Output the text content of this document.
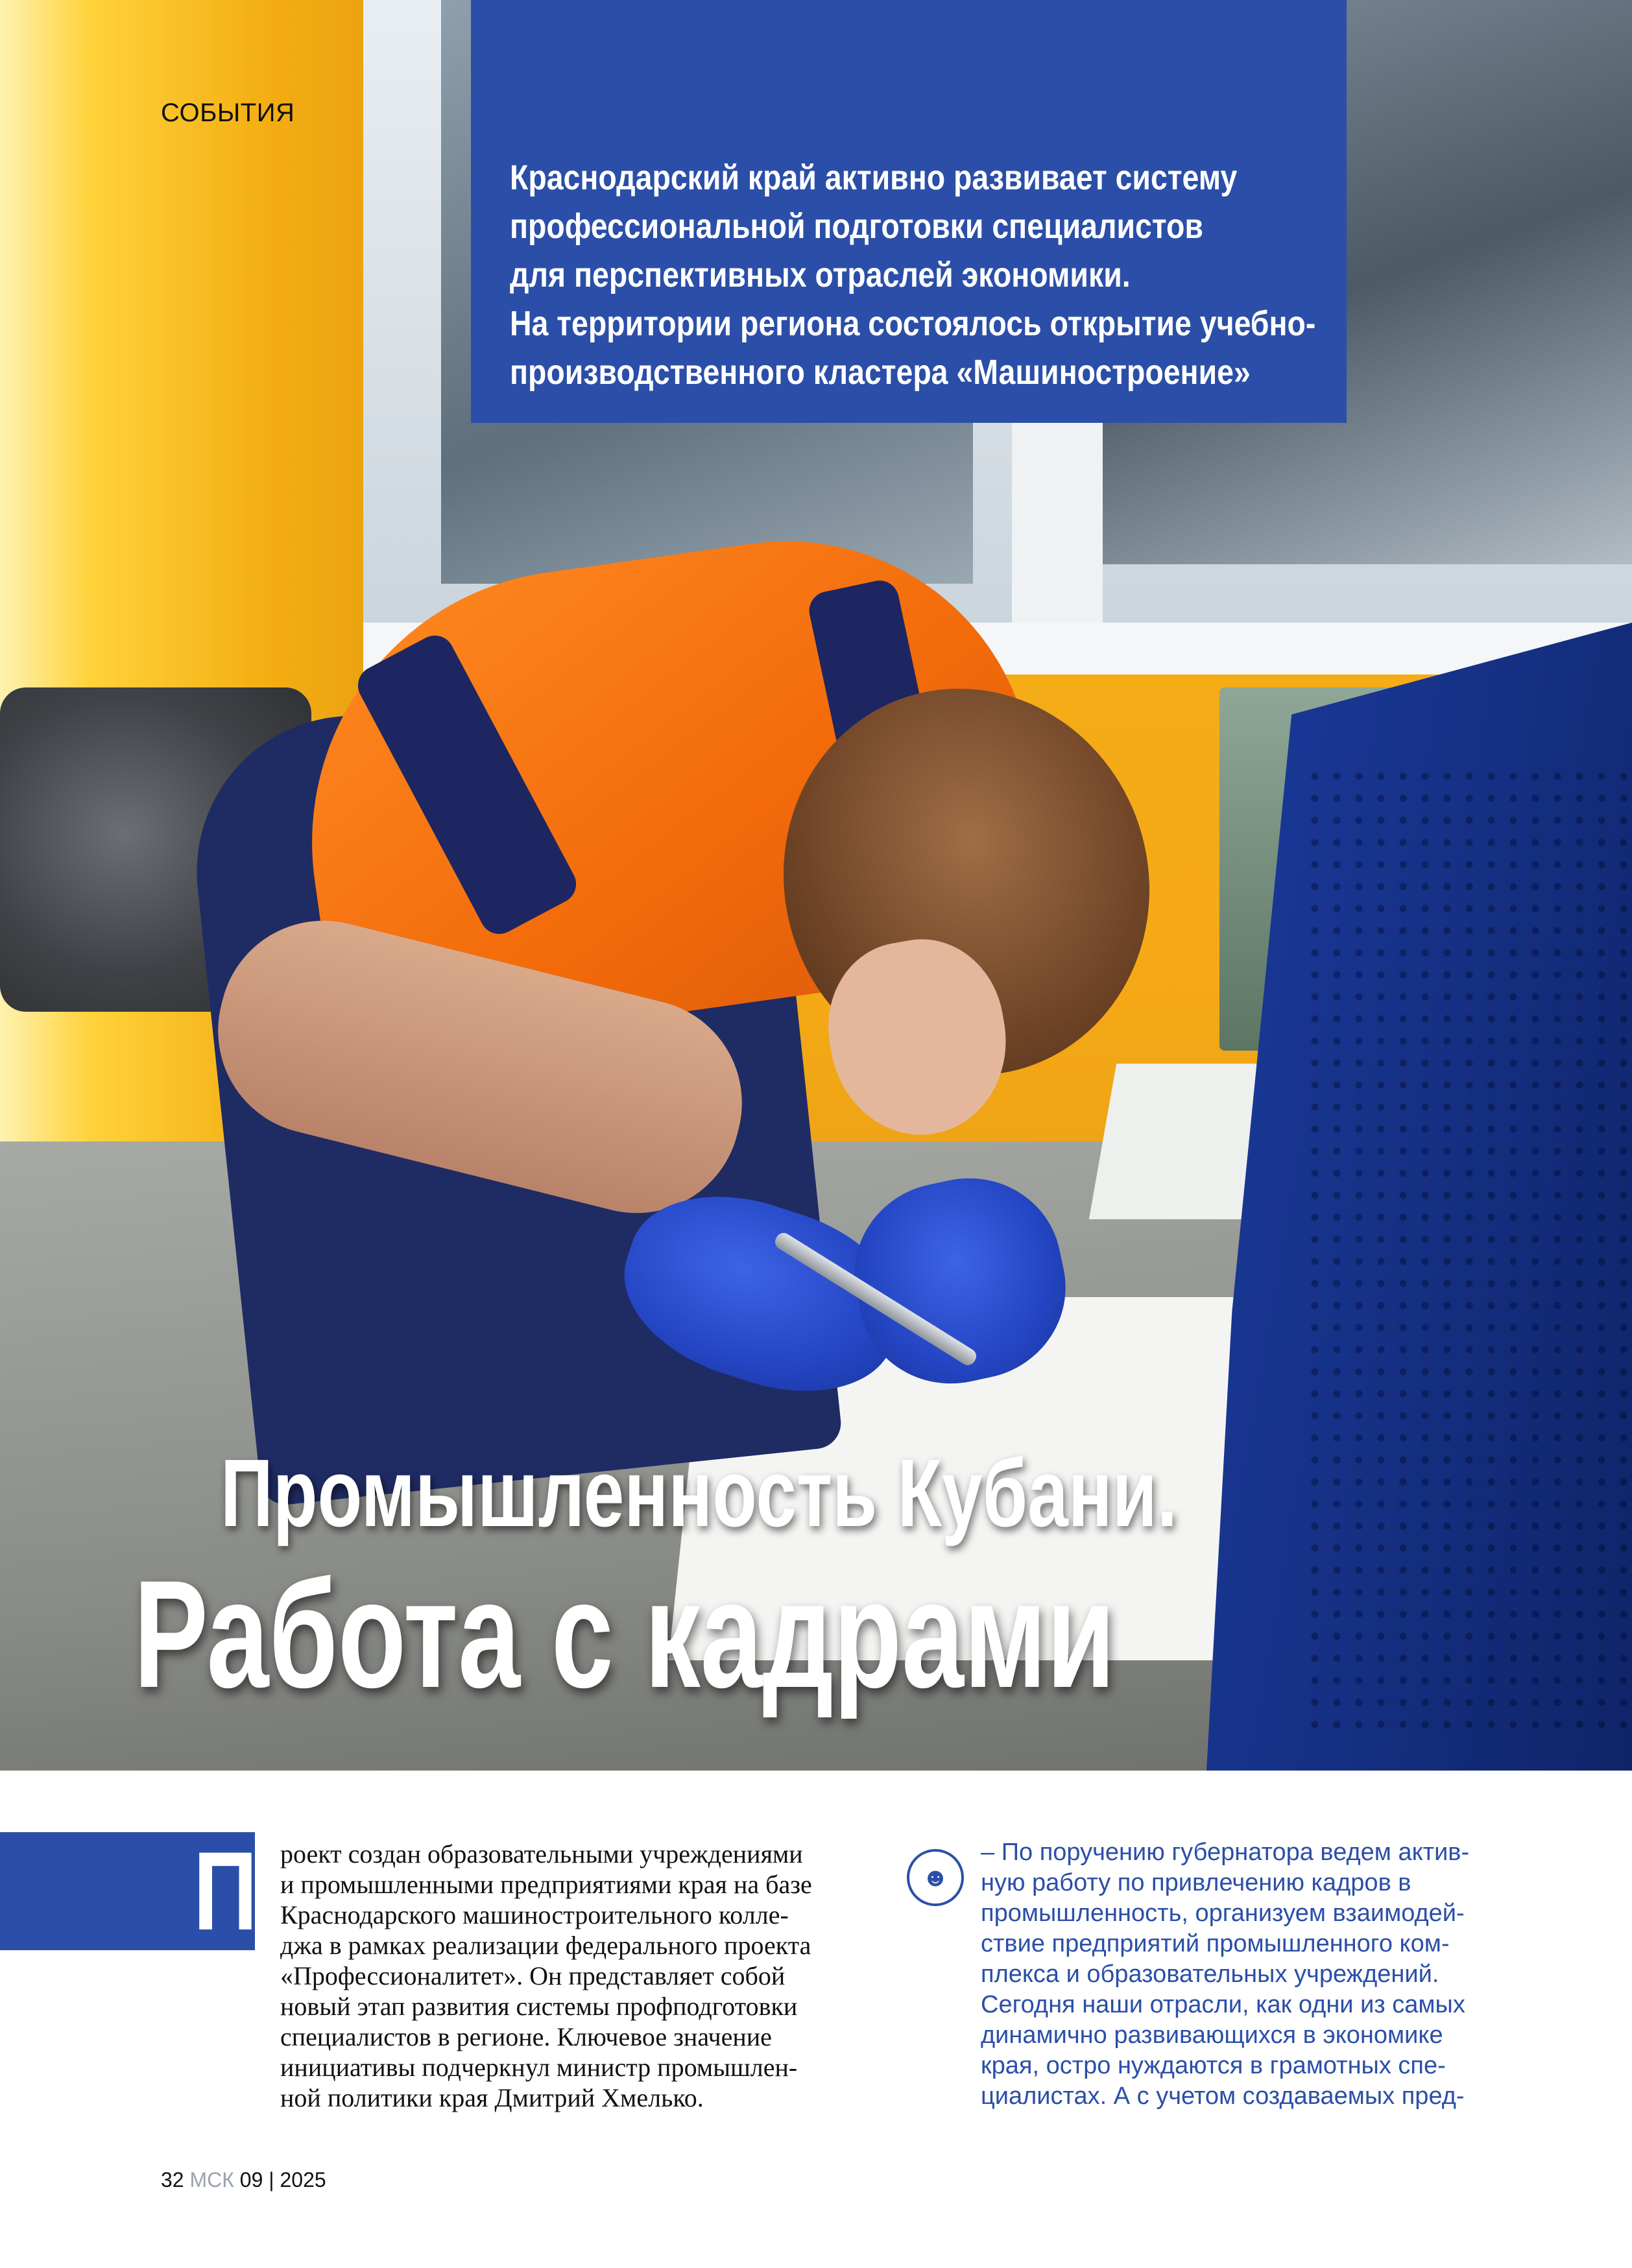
СОБЫТИЯ
Краснодарский край активно развивает систему
профессиональной подготовки специалистов
для перспективных отраслей экономики.
На территории региона состоялось открытие учебно-
производственного кластера «Машиностроение»
Промышленность Кубани.
Работа с кадрами
П роект создан образовательными учреждениями
и промышленными предприятиями края на базе
Краснодарского машиностроительного колле-
джа в рамках реализации федерального проекта
«Профессионалитет». Он представляет собой
новый этап развития системы профподготовки
специалистов в регионе. Ключевое значение
инициативы подчеркнул министр промышлен-
ной политики края Дмитрий Хмелько.
☻
– По поручению губернатора ведем актив-
ную работу по привлечению кадров в
промышленность, организуем взаимодей-
ствие предприятий промышленного ком-
плекса и образовательных учреждений.
Сегодня наши отрасли, как одни из самых
динамично развивающихся в экономике
края, остро нуждаются в грамотных спе-
циалистах. А с учетом создаваемых пред-
32 МСК 09 | 2025
